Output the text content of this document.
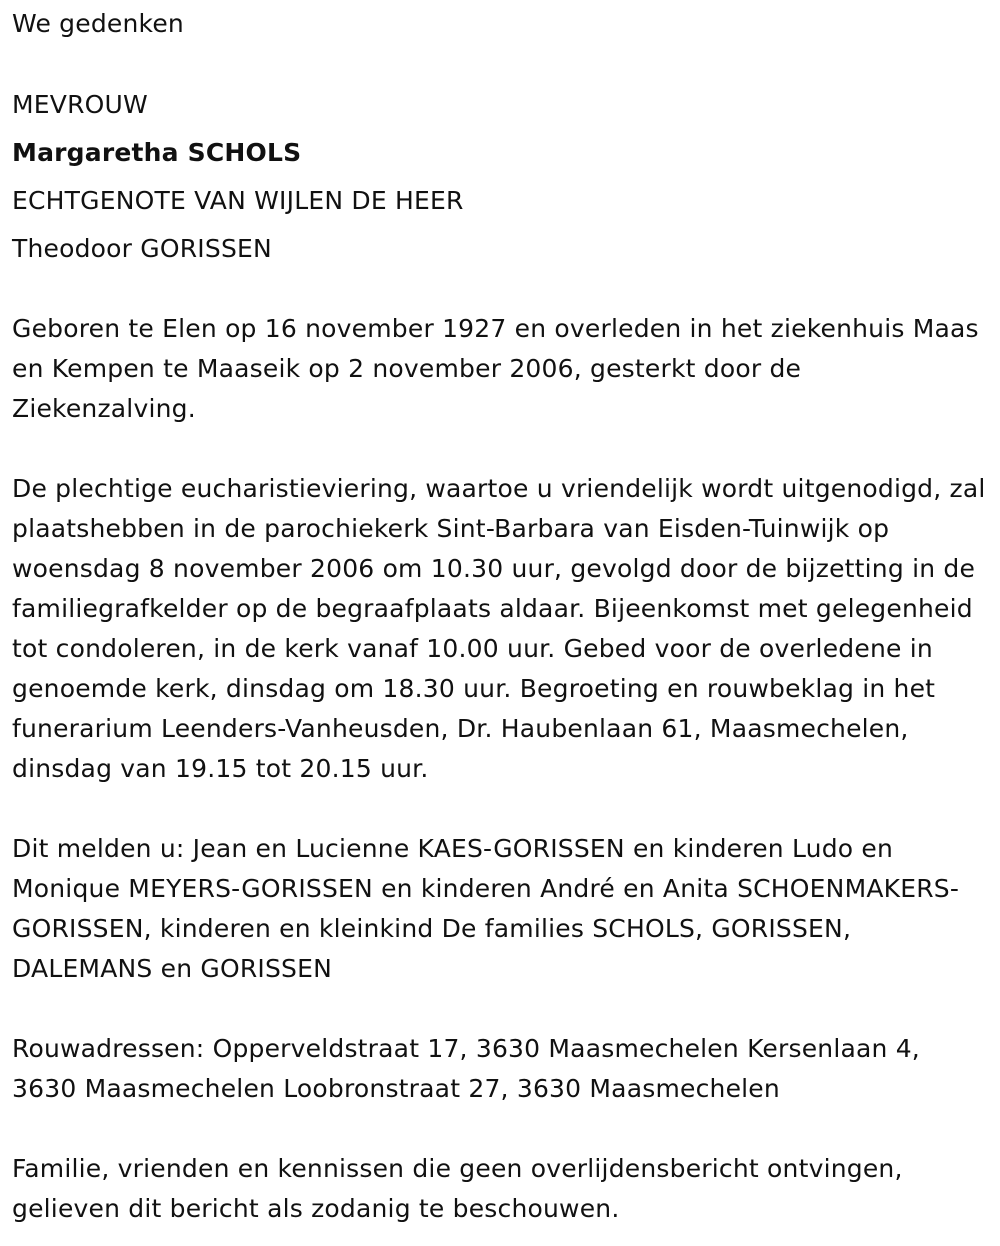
We gedenken
MEVROUW
Margaretha SCHOLS
ECHTGENOTE VAN WIJLEN DE HEER
Theodoor GORISSEN
Geboren te Elen op 16 november 1927 en overleden in het ziekenhuis Maas en Kempen te Maaseik op 2 november 2006, gesterkt door de Ziekenzalving.
De plechtige eucharistieviering, waartoe u vriendelijk wordt uitgenodigd, zal plaatshebben in de parochiekerk Sint-Barbara van Eisden-Tuinwijk op woensdag 8 november 2006 om 10.30 uur, gevolgd door de bijzetting in de familiegrafkelder op de begraafplaats aldaar. Bijeenkomst met gelegenheid tot condoleren, in de kerk vanaf 10.00 uur. Gebed voor de overledene in genoemde kerk, dinsdag om 18.30 uur. Begroeting en rouwbeklag in het funerarium Leenders-Vanheusden, Dr. Haubenlaan 61, Maasmechelen, dinsdag van 19.15 tot 20.15 uur.
Dit melden u: Jean en Lucienne KAES-GORISSEN en kinderen Ludo en Monique MEYERS-GORISSEN en kinderen André en Anita SCHOENMAKERS-GORISSEN, kinderen en kleinkind De families SCHOLS, GORISSEN, DALEMANS en GORISSEN
Rouwadressen: Opperveldstraat 17, 3630 Maasmechelen Kersenlaan 4, 3630 Maasmechelen Loobronstraat 27, 3630 Maasmechelen
Familie, vrienden en kennissen die geen overlijdensbericht ontvingen, gelieven dit bericht als zodanig te beschouwen.
